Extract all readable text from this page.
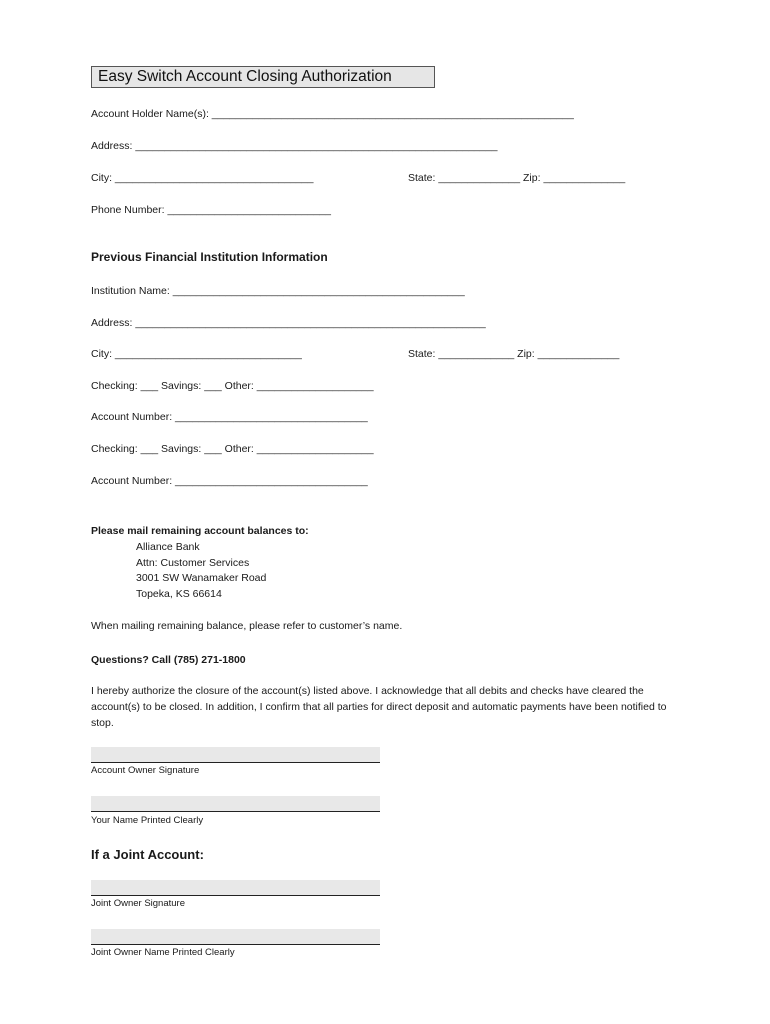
Easy Switch Account Closing Authorization
Account Holder Name(s): ______________________________________________________________
Address: ______________________________________________________________
City: __________________________________	State: ______________ Zip: ______________
Phone Number: ____________________________
Previous Financial Institution Information
Institution Name: __________________________________________________
Address: ____________________________________________________________
City: ________________________________	State: _____________ Zip: ______________
Checking: ___ Savings: ___ Other: ____________________
Account Number: _________________________________
Checking: ___ Savings: ___ Other: ____________________
Account Number: _________________________________
Please mail remaining account balances to:
Alliance Bank
Attn: Customer Services
3001 SW Wanamaker Road
Topeka, KS 66614
When mailing remaining balance, please refer to customer’s name.
Questions? Call (785) 271-1800
I hereby authorize the closure of the account(s) listed above. I acknowledge that all debits and checks have cleared the account(s) to be closed. In addition, I confirm that all parties for direct deposit and automatic payments have been notified to stop.
Account Owner Signature
Your Name Printed Clearly
If a Joint Account:
Joint Owner Signature
Joint Owner Name Printed Clearly
